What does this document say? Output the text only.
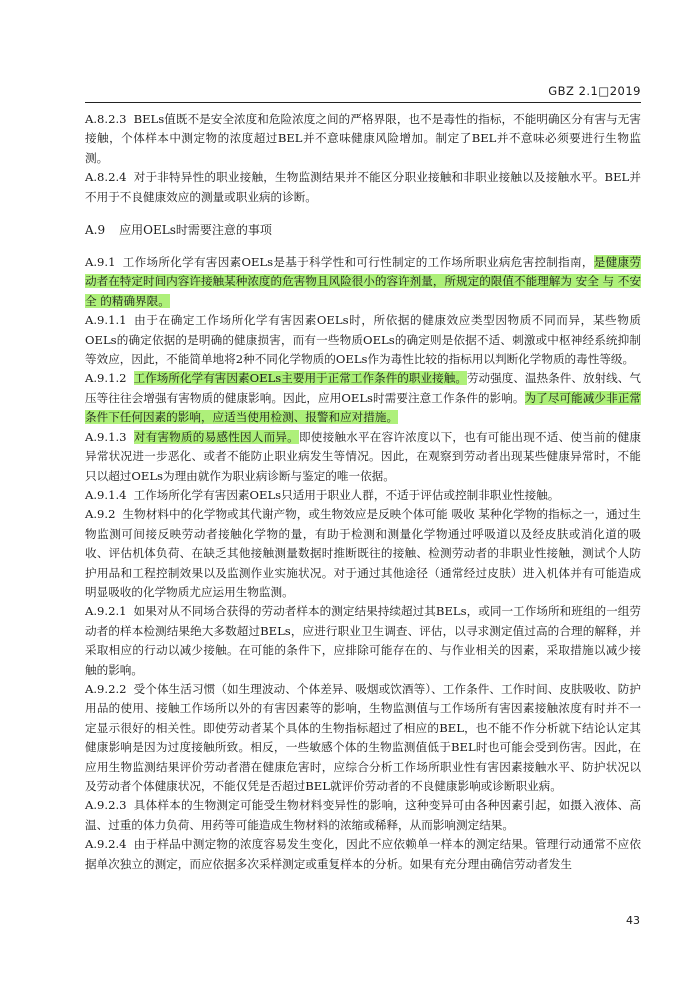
GBZ 2.1□2019

A.8.2.3 BELs值既不是安全浓度和危险浓度之间的严格界限，也不是毒性的指标，不能明确区分有害与无害接触，个体样本中测定物的浓度超过BEL并不意味健康风险增加。制定了BEL并不意味必须要进行生物监测。

A.8.2.4 对于非特异性的职业接触，生物监测结果并不能区分职业接触和非职业接触以及接触水平。BEL并不用于不良健康效应的测量或职业病的诊断。

A.9 应用OELs时需要注意的事项

A.9.1 工作场所化学有害因素OELs是基于科学性和可行性制定的工作场所职业病危害控制指南，是健康劳动者在特定时间内容许接触某种浓度的危害物且风险很小的容许剂量，所规定的限值不能理解为 安全 与 不安全 的精确界限。

A.9.1.1 由于在确定工作场所化学有害因素OELs时，所依据的健康效应类型因物质不同而异，某些物质OELs的确定依据的是明确的健康损害，而有一些物质OELs的确定则是依据不适、刺激或中枢神经系统抑制等效应，因此，不能简单地将2种不同化学物质的OELs作为毒性比较的指标用以判断化学物质的毒性等级。

A.9.1.2 工作场所化学有害因素OELs主要用于正常工作条件的职业接触。劳动强度、温热条件、放射线、气压等往往会增强有害物质的健康影响。因此，应用OELs时需要注意工作条件的影响。为了尽可能减少非正常条件下任何因素的影响，应适当使用检测、报警和应对措施。

A.9.1.3 对有害物质的易感性因人而异。即使接触水平在容许浓度以下，也有可能出现不适、使当前的健康异常状况进一步恶化、或者不能防止职业病发生等情况。因此，在观察到劳动者出现某些健康异常时，不能只以超过OELs为理由就作为职业病诊断与鉴定的唯一依据。

A.9.1.4 工作场所化学有害因素OELs只适用于职业人群，不适于评估或控制非职业性接触。

A.9.2 生物材料中的化学物或其代谢产物，或生物效应是反映个体可能 吸收 某种化学物的指标之一，通过生物监测可间接反映劳动者接触化学物的量，有助于检测和测量化学物通过呼吸道以及经皮肤或消化道的吸收、评估机体负荷、在缺乏其他接触测量数据时推断既往的接触、检测劳动者的非职业性接触，测试个人防护用品和工程控制效果以及监测作业实施状况。对于通过其他途径（通常经过皮肤）进入机体并有可能造成明显吸收的化学物质尤应运用生物监测。

A.9.2.1 如果对从不同场合获得的劳动者样本的测定结果持续超过其BELs，或同一工作场所和班组的一组劳动者的样本检测结果绝大多数超过BELs，应进行职业卫生调查、评估，以寻求测定值过高的合理的解释，并采取相应的行动以减少接触。在可能的条件下，应排除可能存在的、与作业相关的因素，采取措施以减少接触的影响。

A.9.2.2 受个体生活习惯（如生理波动、个体差异、吸烟或饮酒等）、工作条件、工作时间、皮肤吸收、防护用品的使用、接触工作场所以外的有害因素等的影响，生物监测值与工作场所有害因素接触浓度有时并不一定显示很好的相关性。即使劳动者某个具体的生物指标超过了相应的BEL，也不能不作分析就下结论认定其健康影响是因为过度接触所致。相反，一些敏感个体的生物监测值低于BEL时也可能会受到伤害。因此，在应用生物监测结果评价劳动者潜在健康危害时，应综合分析工作场所职业性有害因素接触水平、防护状况以及劳动者个体健康状况，不能仅凭是否超过BEL就评价劳动者的不良健康影响或诊断职业病。

A.9.2.3 具体样本的生物测定可能受生物材料变异性的影响，这种变异可由各种因素引起，如摄入液体、高温、过重的体力负荷、用药等可能造成生物材料的浓缩或稀释，从而影响测定结果。

A.9.2.4 由于样品中测定物的浓度容易发生变化，因此不应依赖单一样本的测定结果。管理行动通常不应依据单次独立的测定，而应依据多次采样测定或重复样本的分析。如果有充分理由确信劳动者发生

43
